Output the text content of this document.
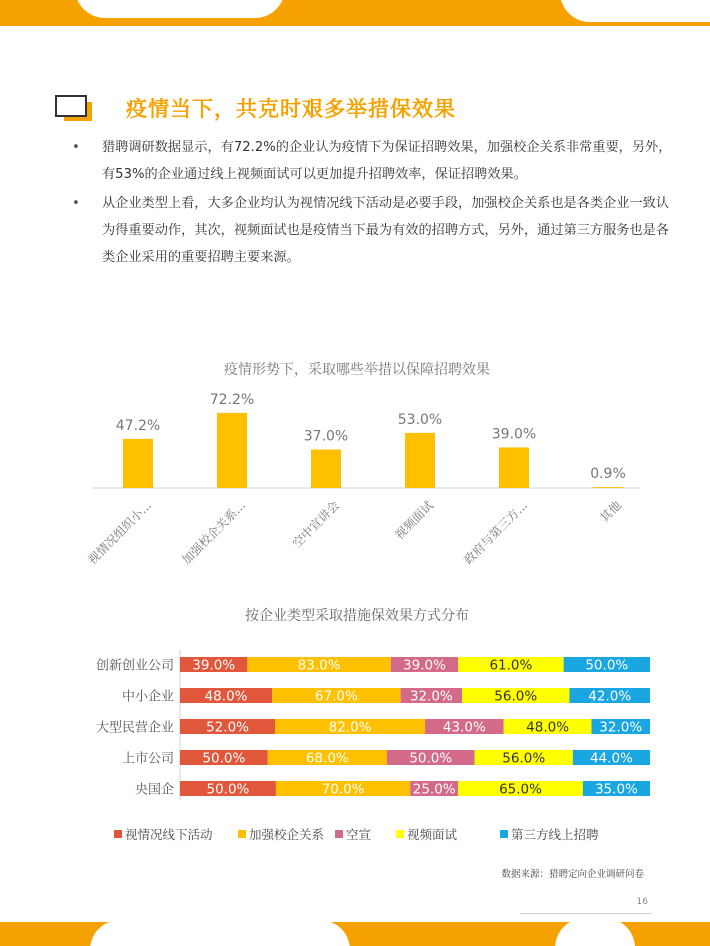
疫情当下，共克时艰多举措保效果
• 猎聘调研数据显示，有72.2%的企业认为疫情下为保证招聘效果，加强校企关系非常重要，另外，有53%的企业通过线上视频面试可以更加提升招聘效率，保证招聘效果。
• 从企业类型上看，大多企业均认为视情况线下活动是必要手段，加强校企关系也是各类企业一致认为得重要动作，其次，视频面试也是疫情当下最为有效的招聘方式，另外，通过第三方服务也是各类企业采用的重要招聘主要来源。
疫情形势下，采取哪些举措以保障招聘效果
47.2%
视情况组织小...
72.2%
加强校企关系...
37.0%
空中宣讲会
53.0%
视频面试
39.0%
政府与第三方...
0.9%
其他
按企业类型采取措施保效果方式分布
创新创业公司 39.0%	83.0%	39.0%	61.0%	50.0%
中小企业 48.0%	67.0%	32.0%	56.0%	42.0%
大型民营企业 52.0%	82.0%	43.0%	48.0% 32.0%
上市公司 50.0%	68.0%	50.0%	56.0%	44.0%
央国企 50.0%	70.0%	25.0%	65.0%	35.0%
视情况线下活动	加强校企关系 空宣	视频面试	第三方线上招聘
数据来源：猎聘定向企业调研问卷
16
